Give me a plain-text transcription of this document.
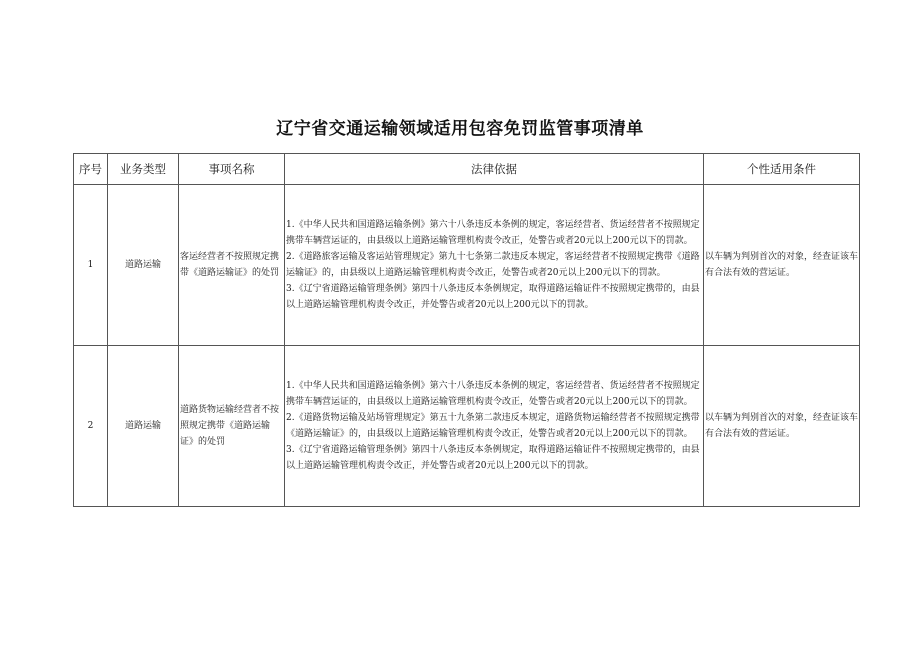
辽宁省交通运输领域适用包容免罚监管事项清单
序号	业务类型	事项名称	法律依据	个性适用条件
1	道路运输	客运经营者不按照规定携带《道路运输证》的处罚	1.《中华人民共和国道路运输条例》第六十八条违反本条例的规定，客运经营者、货运经营者不按照规定携带车辆营运证的，由县级以上道路运输管理机构责令改正，处警告或者20元以上200元以下的罚款。
2.《道路旅客运输及客运站管理规定》第九十七条第二款违反本规定，客运经营者不按照规定携带《道路运输证》的，由县级以上道路运输管理机构责令改正，处警告或者20元以上200元以下的罚款。
3.《辽宁省道路运输管理条例》第四十八条违反本条例规定，取得道路运输证件不按照规定携带的，由县以上道路运输管理机构责令改正，并处警告或者20元以上200元以下的罚款。	以车辆为判别首次的对象，经查证该车有合法有效的营运证。
2	道路运输	道路货物运输经营者不按照规定携带《道路运输证》的处罚	1.《中华人民共和国道路运输条例》第六十八条违反本条例的规定，客运经营者、货运经营者不按照规定携带车辆营运证的，由县级以上道路运输管理机构责令改正，处警告或者20元以上200元以下的罚款。
2.《道路货物运输及站场管理规定》第五十九条第二款违反本规定，道路货物运输经营者不按照规定携带《道路运输证》的，由县级以上道路运输管理机构责令改正，处警告或者20元以上200元以下的罚款。
3.《辽宁省道路运输管理条例》第四十八条违反本条例规定，取得道路运输证件不按照规定携带的，由县以上道路运输管理机构责令改正，并处警告或者20元以上200元以下的罚款。	以车辆为判别首次的对象，经查证该车有合法有效的营运证。
